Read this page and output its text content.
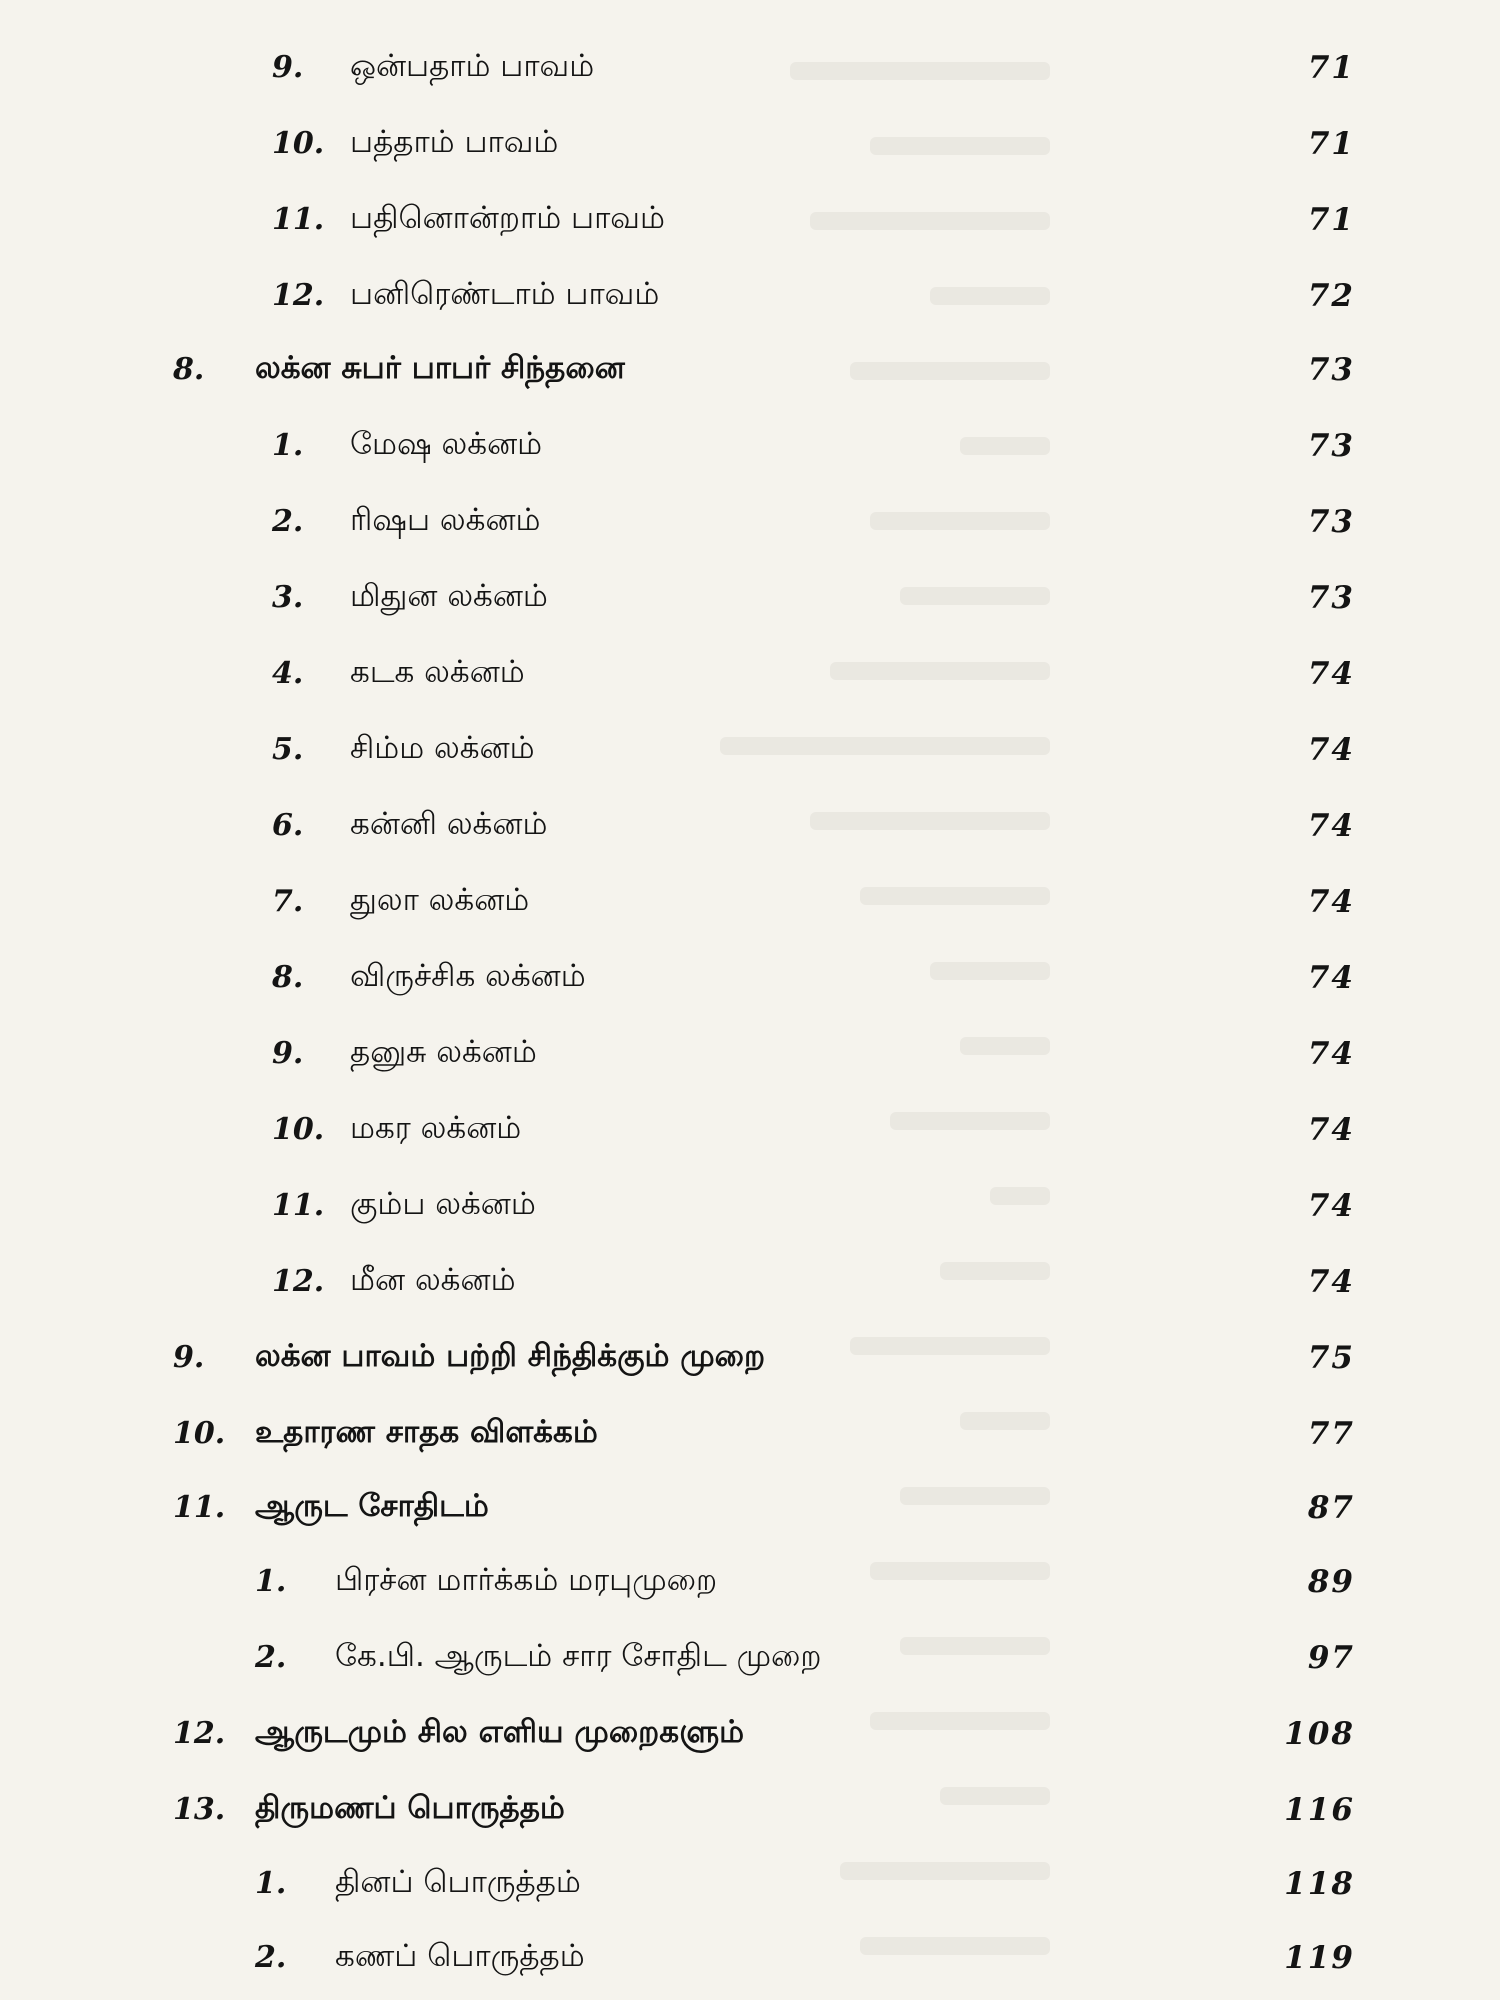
9. ஒன்பதாம் பாவம்	71
10. பத்தாம் பாவம்	71
11. பதினொன்றாம் பாவம்	71
12. பனிரெண்டாம் பாவம்	72
8. லக்ன சுபர் பாபர் சிந்தனை	73
1. மேஷ லக்னம்	73
2. ரிஷப லக்னம்	73
3. மிதுன லக்னம்	73
4. கடக லக்னம்	74
5. சிம்ம லக்னம்	74
6. கன்னி லக்னம்	74
7. துலா லக்னம்	74
8. விருச்சிக லக்னம்	74
9. தனுசு லக்னம்	74
10. மகர லக்னம்	74
11. கும்ப லக்னம்	74
12. மீன லக்னம்	74
9. லக்ன பாவம் பற்றி சிந்திக்கும் முறை	75
10. உதாரண சாதக விளக்கம்	77
11. ஆருட சோதிடம்	87
1. பிரச்ன மார்க்கம் மரபுமுறை	89
2. கே.பி. ஆருடம் சார சோதிட முறை	97
12. ஆருடமும் சில எளிய முறைகளும்	108
13. திருமணப் பொருத்தம்	116
1. தினப் பொருத்தம்	118
2. கணப் பொருத்தம்	119
